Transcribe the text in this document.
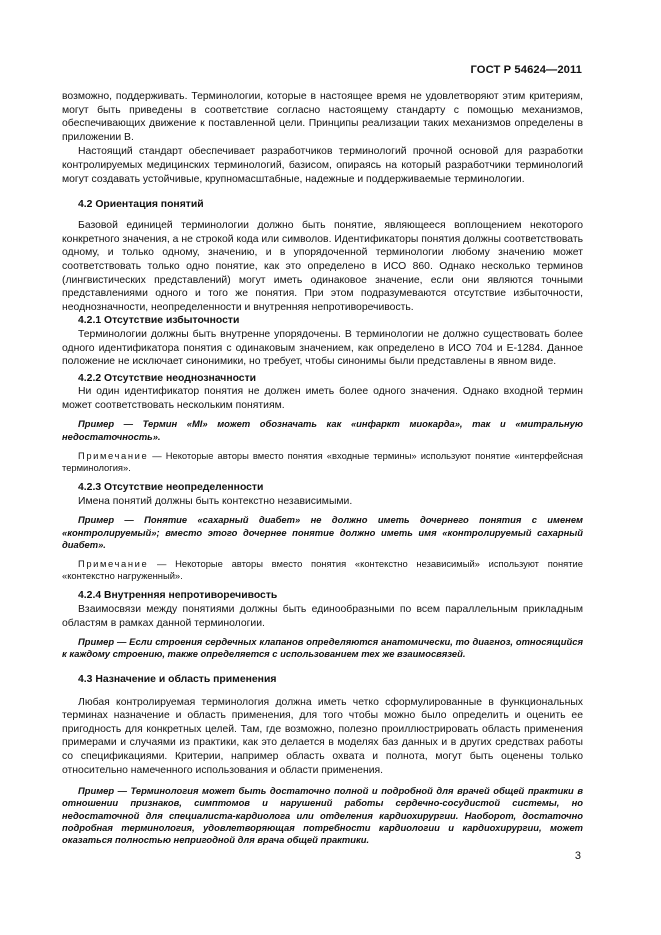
ГОСТ Р 54624—2011

возможно, поддерживать. Терминологии, которые в настоящее время не удовлетворяют этим критериям, могут быть приведены в соответствие согласно настоящему стандарту с помощью механизмов, обеспечивающих движение к поставленной цели. Принципы реализации таких механизмов определены в приложении В.

Настоящий стандарт обеспечивает разработчиков терминологий прочной основой для разработки контролируемых медицинских терминологий, базисом, опираясь на который разработчики терминологий могут создавать устойчивые, крупномасштабные, надежные и поддерживаемые терминологии.

4.2 Ориентация понятий

Базовой единицей терминологии должно быть понятие, являющееся воплощением некоторого конкретного значения, а не строкой кода или символов. Идентификаторы понятия должны соответствовать одному, и только одному, значению, и в упорядоченной терминологии любому значению может соответствовать только одно понятие, как это определено в ИСО 860. Однако несколько терминов (лингвистических представлений) могут иметь одинаковое значение, если они являются точными представлениями одного и того же понятия. При этом подразумеваются отсутствие избыточности, неоднозначности, неопределенности и внутренняя непротиворечивость.

4.2.1 Отсутствие избыточности

Терминологии должны быть внутренне упорядочены. В терминологии не должно существовать более одного идентификатора понятия с одинаковым значением, как определено в ИСО 704 и Е-1284. Данное положение не исключает синонимики, но требует, чтобы синонимы были представлены в явном виде.

4.2.2 Отсутствие неоднозначности

Ни один идентификатор понятия не должен иметь более одного значения. Однако входной термин может соответствовать нескольким понятиям.

Пример — Термин «MI» может обозначать как «инфаркт миокарда», так и «митральную недостаточность».

Примечание — Некоторые авторы вместо понятия «входные термины» используют понятие «интерфейсная терминология».

4.2.3 Отсутствие неопределенности

Имена понятий должны быть контекстно независимыми.

Пример — Понятие «сахарный диабет» не должно иметь дочернего понятия с именем «контролируемый»; вместо этого дочернее понятие должно иметь имя «контролируемый сахарный диабет».

Примечание — Некоторые авторы вместо понятия «контекстно независимый» используют понятие «контекстно нагруженный».

4.2.4 Внутренняя непротиворечивость

Взаимосвязи между понятиями должны быть единообразными по всем параллельным прикладным областям в рамках данной терминологии.

Пример — Если строения сердечных клапанов определяются анатомически, то диагноз, относящийся к каждому строению, также определяется с использованием тех же взаимосвязей.

4.3 Назначение и область применения

Любая контролируемая терминология должна иметь четко сформулированные в функциональных терминах назначение и область применения, для того чтобы можно было определить и оценить ее пригодность для конкретных целей. Там, где возможно, полезно проиллюстрировать область применения примерами и случаями из практики, как это делается в моделях баз данных и в других средствах работы со спецификациями. Критерии, например область охвата и полнота, могут быть оценены только относительно намеченного использования и области применения.

Пример — Терминология может быть достаточно полной и подробной для врачей общей практики в отношении признаков, симптомов и нарушений работы сердечно-сосудистой системы, но недостаточной для специалиста-кардиолога или отделения кардиохирургии. Наоборот, достаточно подробная терминология, удовлетворяющая потребности кардиологии и кардиохирургии, может оказаться полностью непригодной для врача общей практики.

3
